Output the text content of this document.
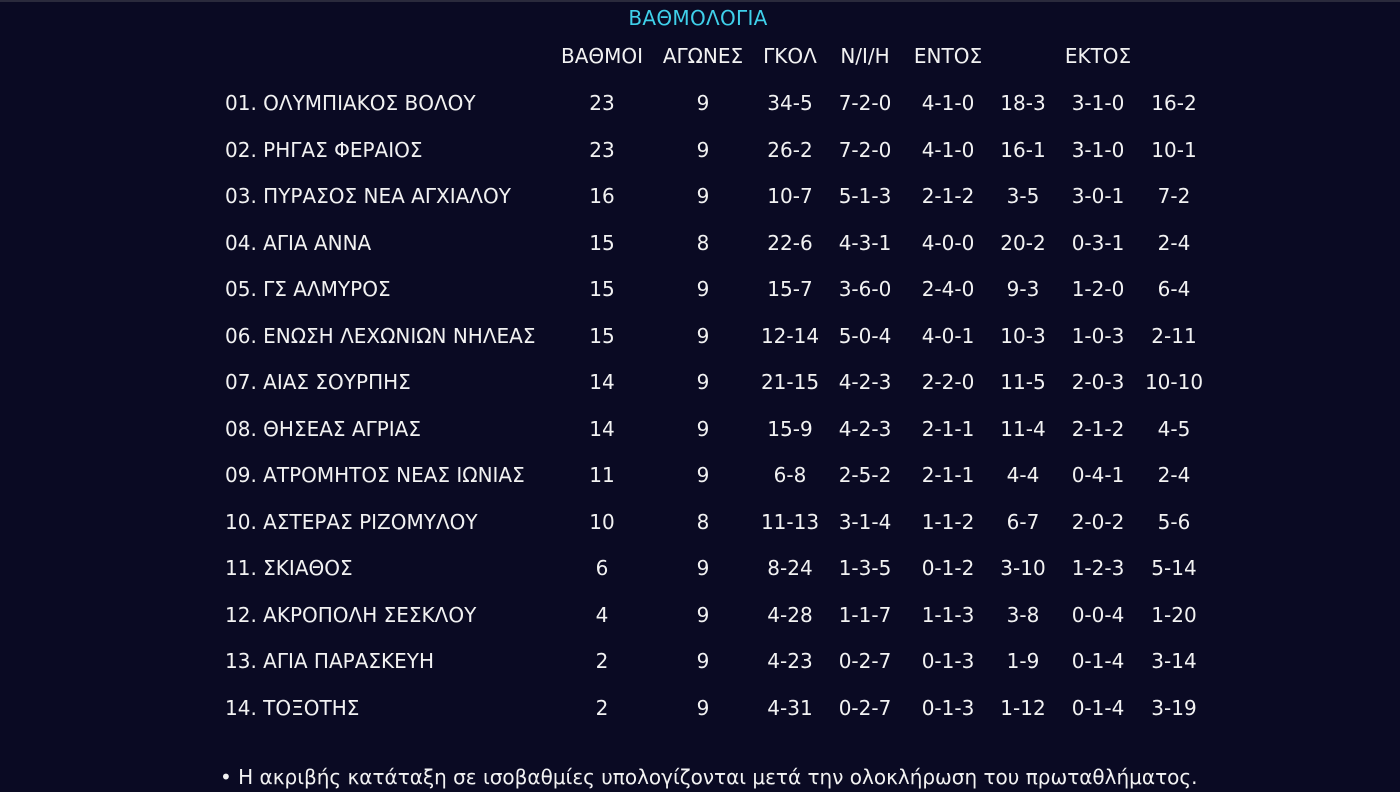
ΒΑΘΜΟΛΟΓΙΑ
ΒΑΘΜΟΙ ΑΓΩΝΕΣ ΓΚΟΛ Ν/Ι/Η ΕΝΤΟΣ	ΕΚΤΟΣ
01. ΟΛΥΜΠΙΑΚΟΣ ΒΟΛΟΥ	23	9	34-5 7-2-0 4-1-0 18-3 3-1-0 16-2
02. ΡΗΓΑΣ ΦΕΡΑΙΟΣ	23	9	26-2 7-2-0 4-1-0 16-1 3-1-0 10-1
03. ΠΥΡΑΣΟΣ ΝΕΑ ΑΓΧΙΑΛΟΥ	16	9	10-7 5-1-3 2-1-2 3-5 3-0-1 7-2
04. ΑΓΙΑ ΑΝΝΑ	15	8	22-6 4-3-1 4-0-0 20-2 0-3-1 2-4
05. ΓΣ ΑΛΜΥΡΟΣ	15	9	15-7 3-6-0 2-4-0 9-3 1-2-0 6-4
06. ΕΝΩΣΗ ΛΕΧΩΝΙΩΝ ΝΗΛΕΑΣ	15	9	12-14 5-0-4 4-0-1 10-3 1-0-3 2-11
07. ΑΙΑΣ ΣΟΥΡΠΗΣ	14	9	21-15 4-2-3 2-2-0 11-5 2-0-3 10-10
08. ΘΗΣΕΑΣ ΑΓΡΙΑΣ	14	9	15-9 4-2-3 2-1-1 11-4 2-1-2 4-5
09. ΑΤΡΟΜΗΤΟΣ ΝΕΑΣ ΙΩΝΙΑΣ	11	9	6-8 2-5-2 2-1-1 4-4 0-4-1 2-4
10. ΑΣΤΕΡΑΣ ΡΙΖΟΜΥΛΟΥ	10	8	11-13 3-1-4 1-1-2 6-7 2-0-2 5-6
11. ΣΚΙΑΘΟΣ	6	9	8-24 1-3-5 0-1-2 3-10 1-2-3 5-14
12. ΑΚΡΟΠΟΛΗ ΣΕΣΚΛΟΥ	4	9	4-28 1-1-7 1-1-3 3-8 0-0-4 1-20
13. ΑΓΙΑ ΠΑΡΑΣΚΕΥΗ	2	9	4-23 0-2-7 0-1-3 1-9 0-1-4 3-14
14. ΤΟΞΟΤΗΣ	2	9	4-31 0-2-7 0-1-3 1-12 0-1-4 3-19
• Η ακριβής κατάταξη σε ισοβαθμίες υπολογίζονται μετά την ολοκλήρωση του πρωταθλήματος.
